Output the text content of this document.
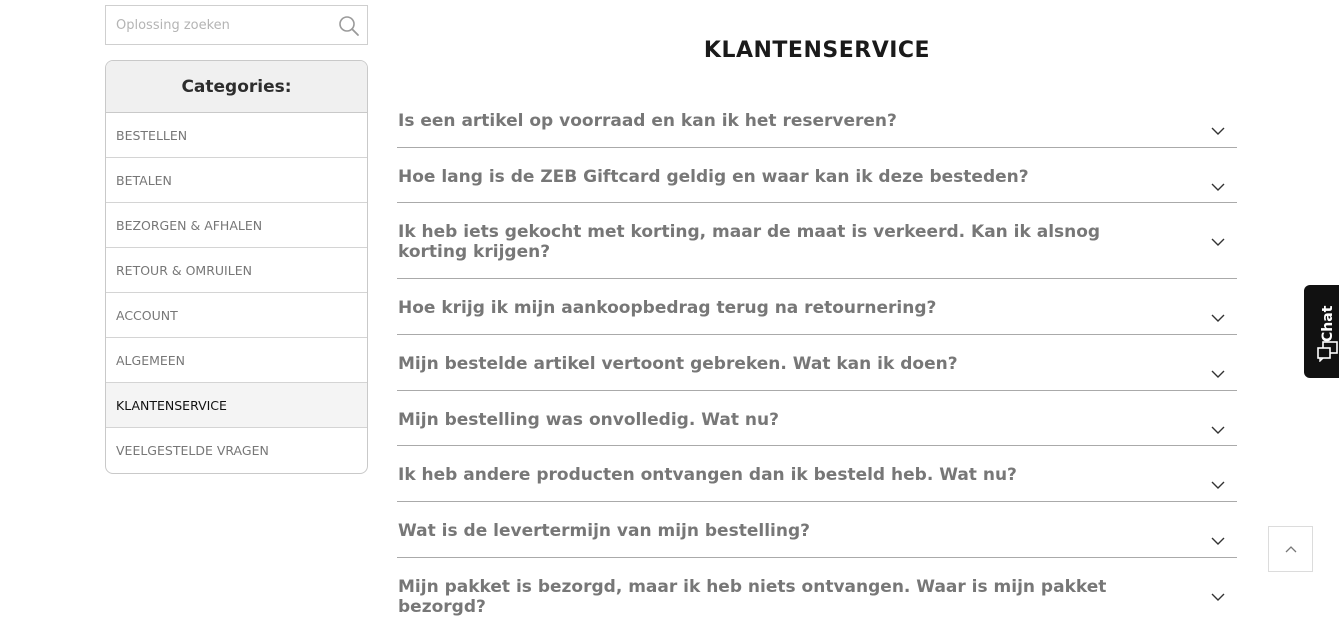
Oplossing zoeken
Categories:
BESTELLEN
BETALEN
BEZORGEN & AFHALEN
RETOUR & OMRUILEN
ACCOUNT
ALGEMEEN
KLANTENSERVICE
VEELGESTELDE VRAGEN
KLANTENSERVICE
Is een artikel op voorraad en kan ik het reserveren?
Hoe lang is de ZEB Giftcard geldig en waar kan ik deze besteden?
Ik heb iets gekocht met korting, maar de maat is verkeerd. Kan ik alsnog korting krijgen?
Hoe krijg ik mijn aankoopbedrag terug na retournering?
Mijn bestelde artikel vertoont gebreken. Wat kan ik doen?
Mijn bestelling was onvolledig. Wat nu?
Ik heb andere producten ontvangen dan ik besteld heb. Wat nu?
Wat is de levertermijn van mijn bestelling?
Mijn pakket is bezorgd, maar ik heb niets ontvangen. Waar is mijn pakket bezorgd?
Chat
